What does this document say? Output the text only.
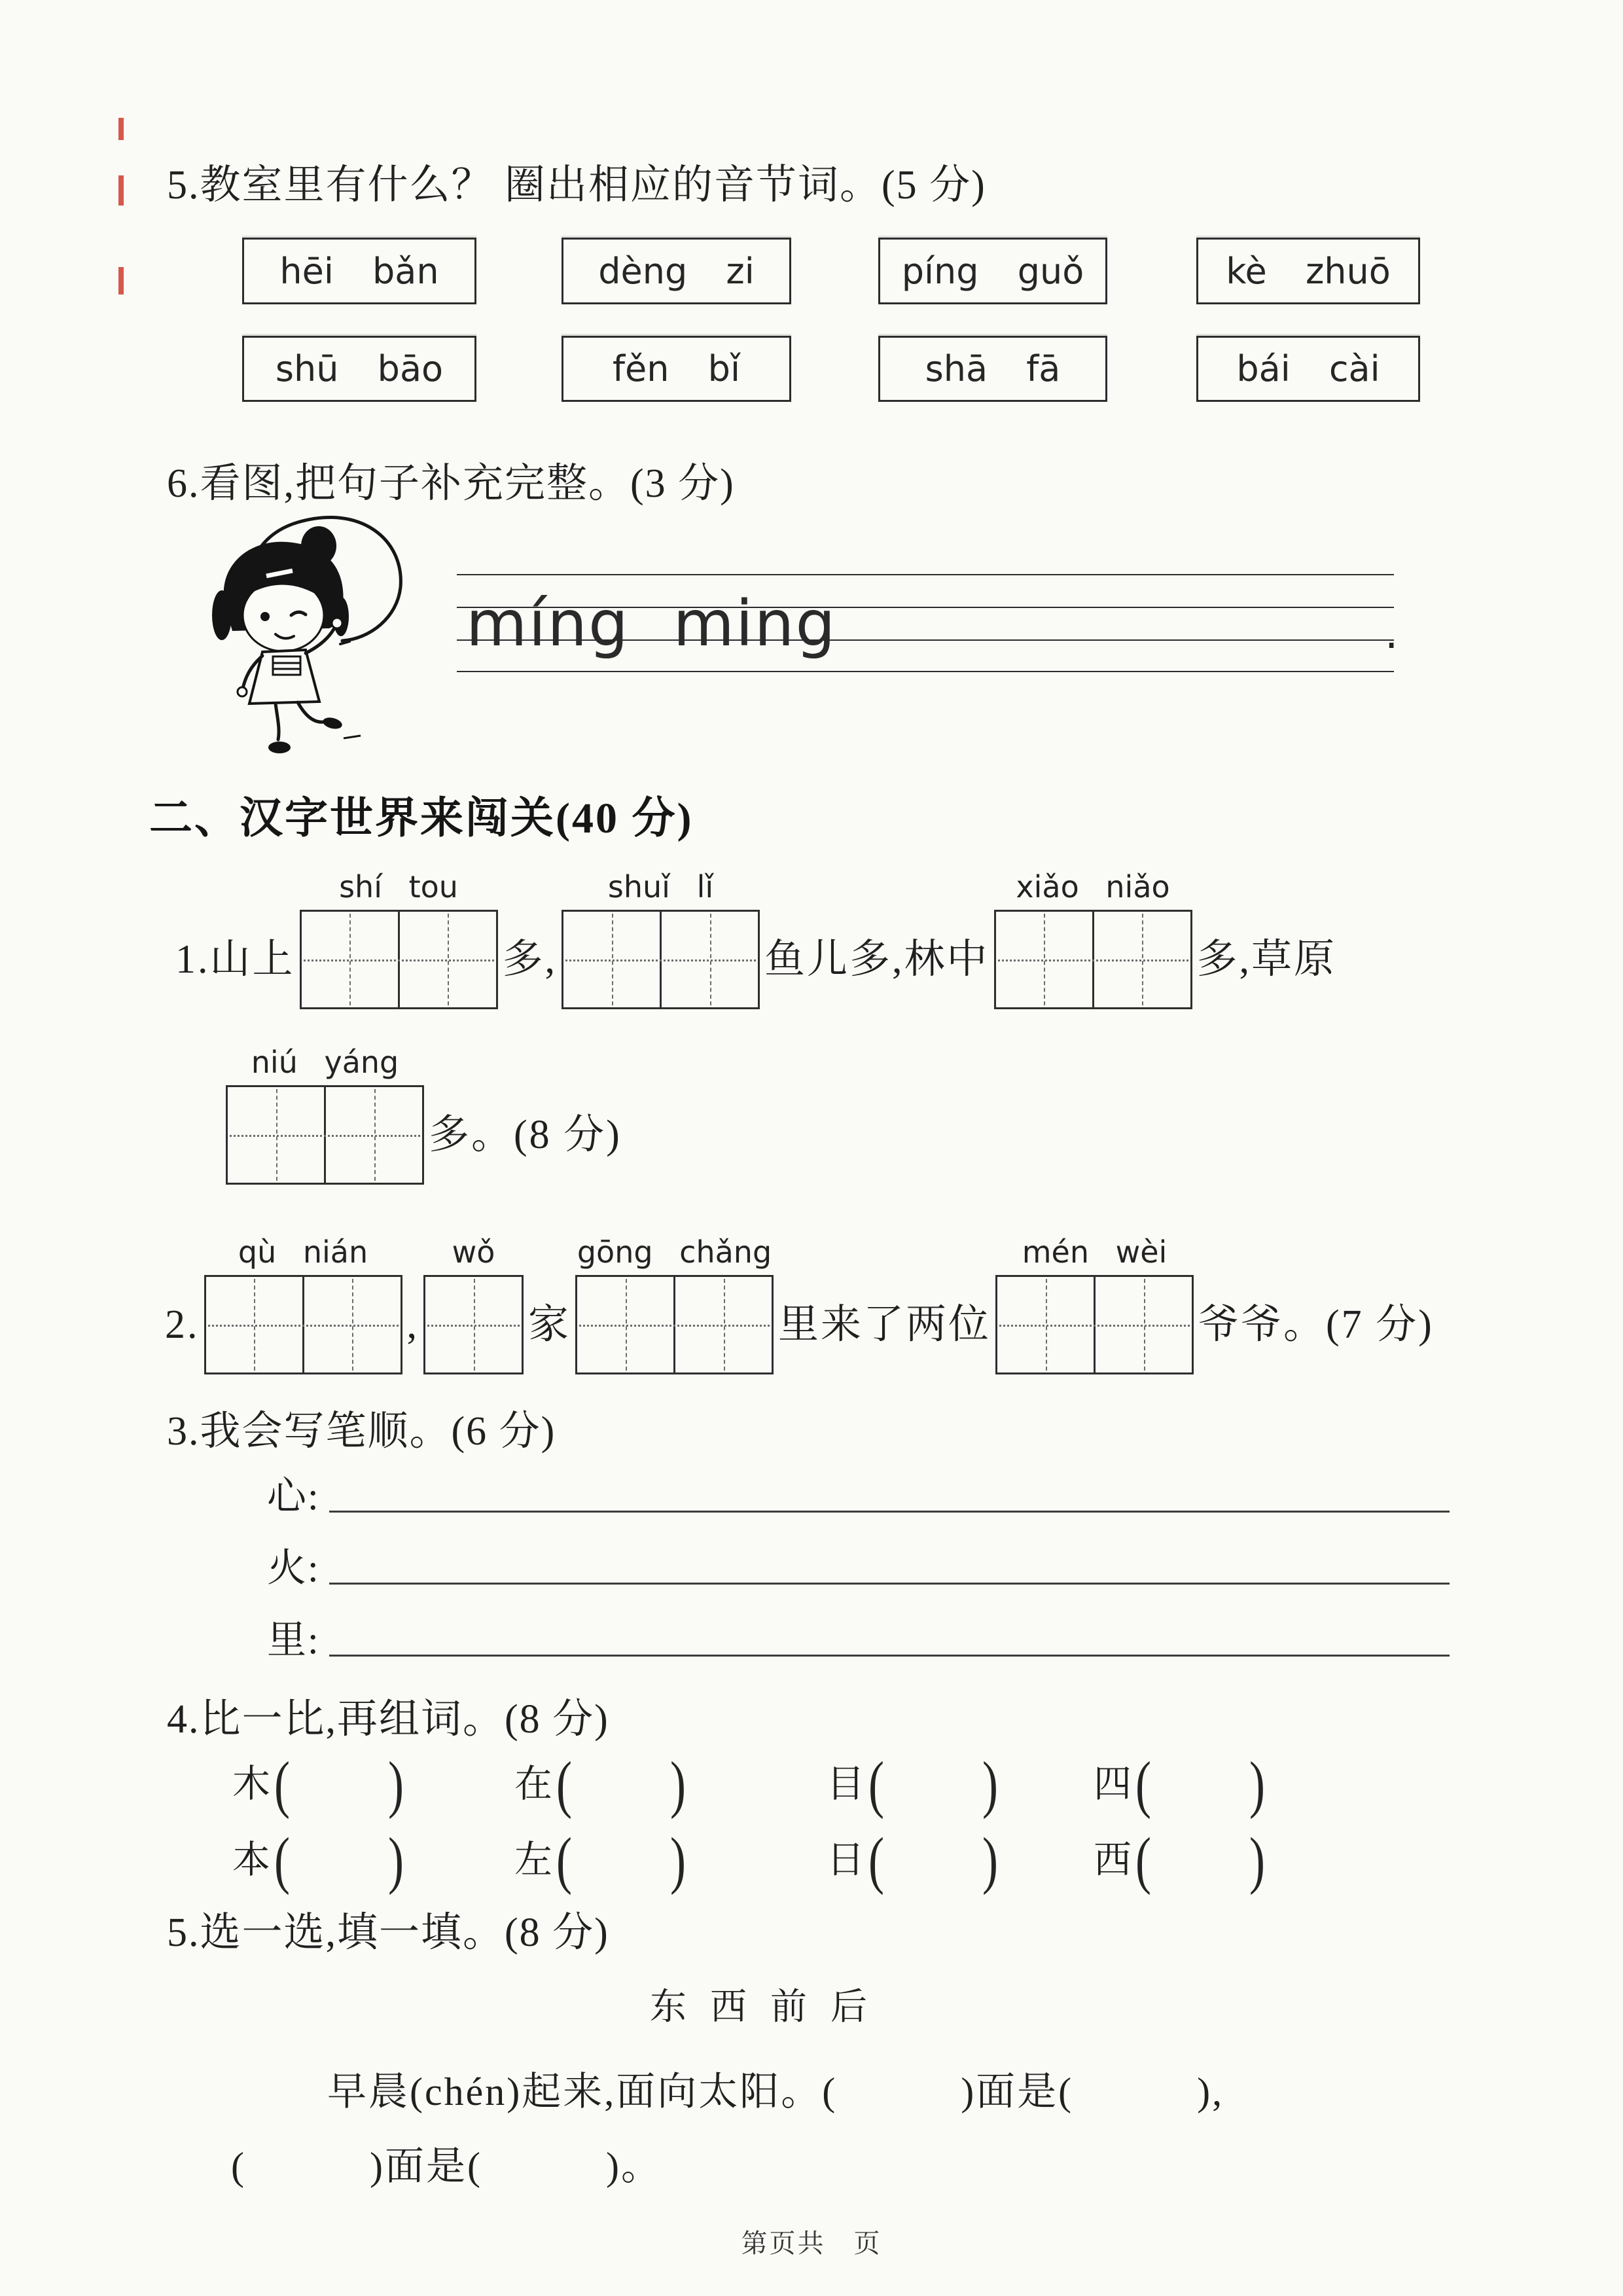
5.教室里有什么？ 圈出相应的音节词。(5 分)
hēi bǎn	dèng zi	píng guǒ	kè zhuō
shū bāo	fěn bǐ	shā fā	bái cài
6.看图,把句子补充完整。(3 分)
míng ming	.
二、汉字世界来闯关(40 分)
1.山上
shí tou
多,
shuǐ lǐ
鱼儿多,林中
xiǎo niǎo
多,草原
niú yáng
多。(8 分)
2.
qù nián
,
wǒ
家
gōng chǎng
里来了两位
mén wèi
爷爷。(7 分)
3.我会写笔顺。(6 分)
心:
火:
里:
4.比一比,再组词。(8 分)
木 ( )	在 ( )	目 ( )	四 ( )
本 ( )	左 ( )	日 ( )	西 ( )
5.选一选,填一填。(8 分)
东 西 前 后
早晨(chén)起来,面向太阳。(　　　)面是(　　　),
(　　　)面是(　　　)。
第页共　页
